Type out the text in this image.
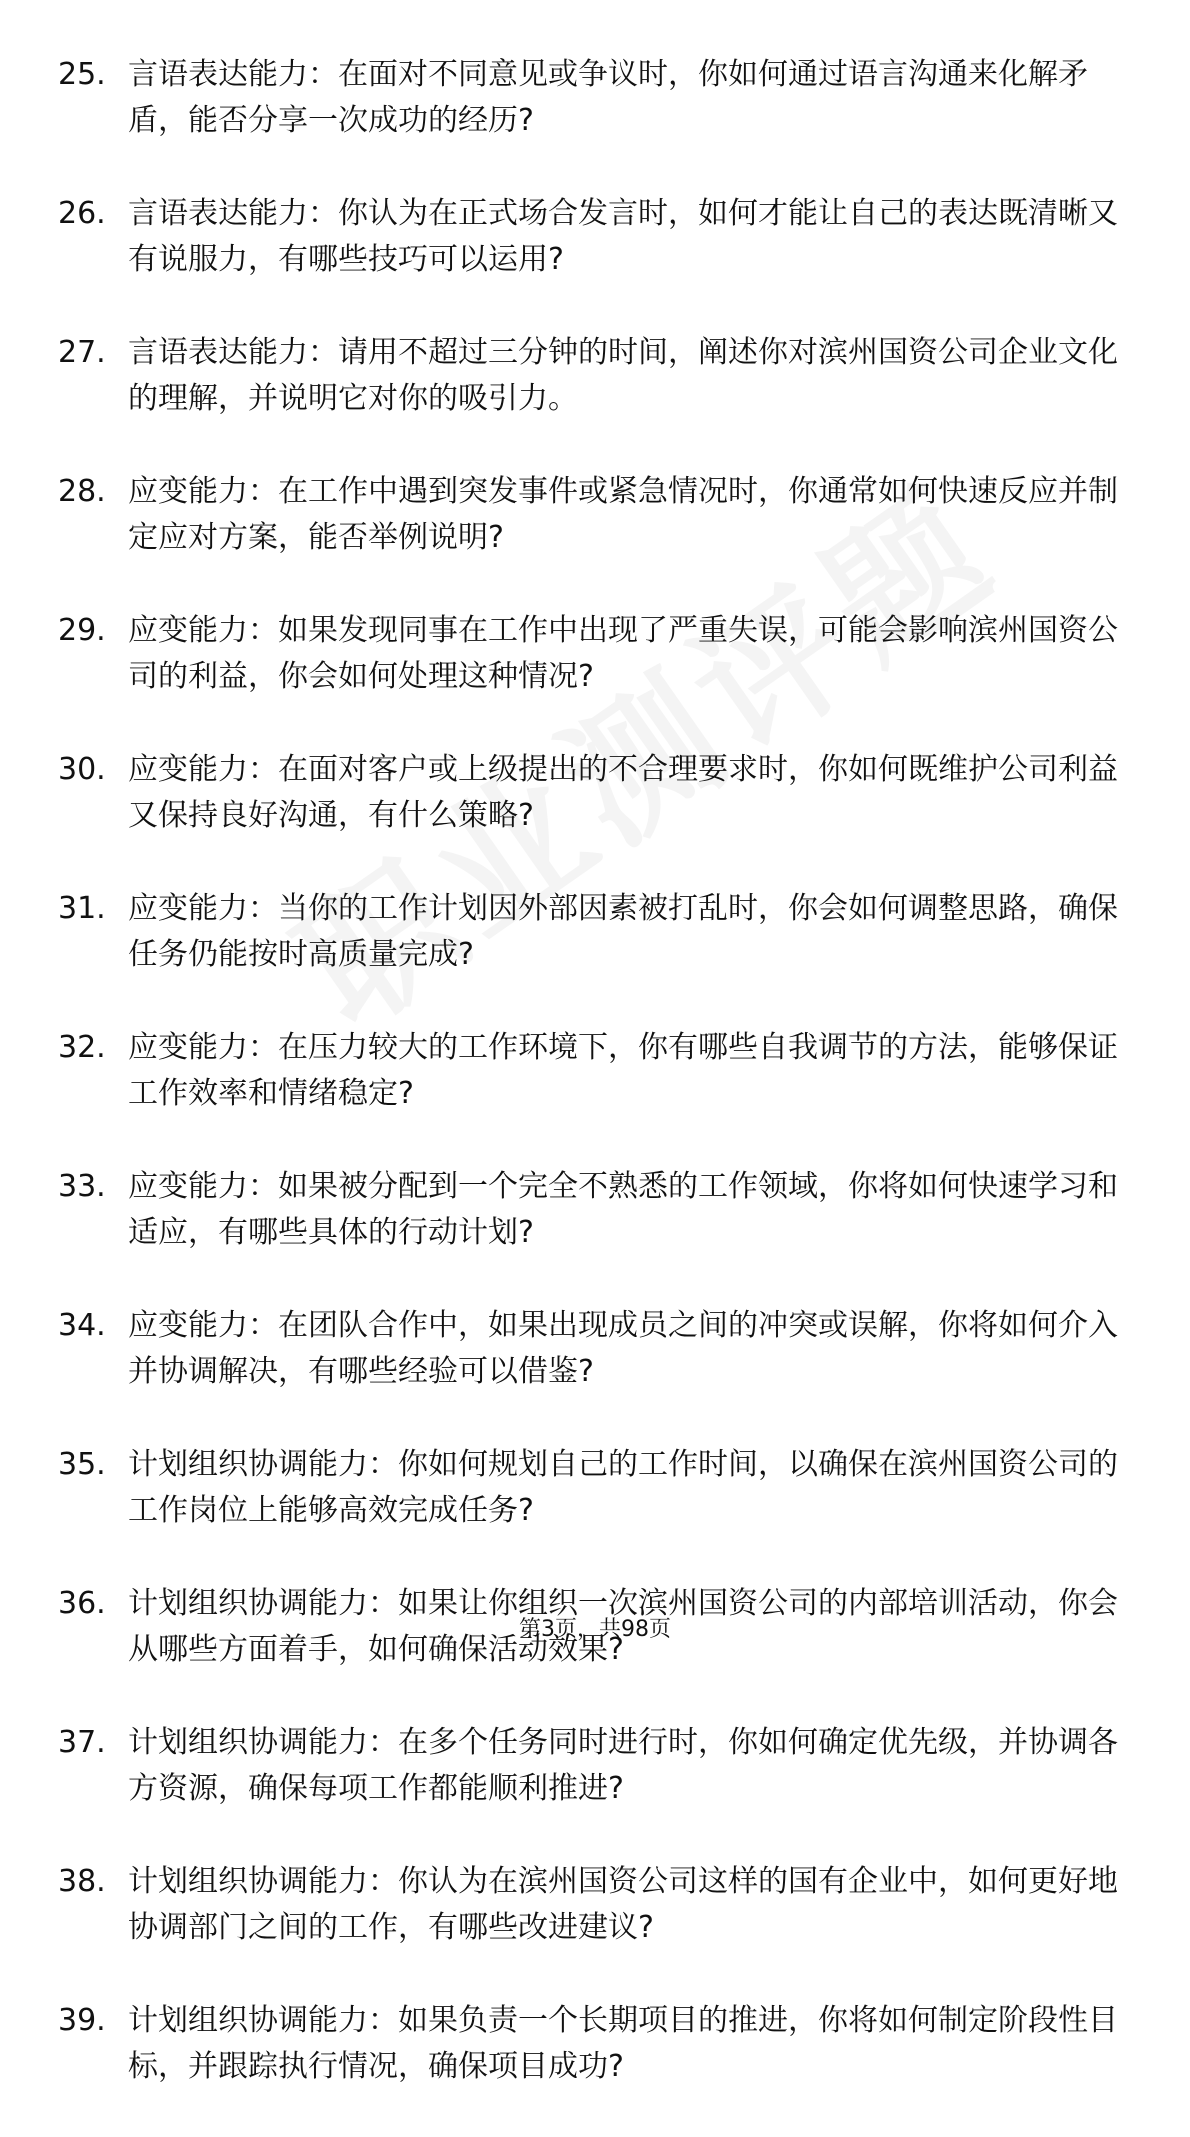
25. 言语表达能力：在面对不同意见或争议时，你如何通过语言沟通来化解矛盾，能否分享一次成功的经历?
26. 言语表达能力：你认为在正式场合发言时，如何才能让自己的表达既清晰又有说服力，有哪些技巧可以运用?
27. 言语表达能力：请用不超过三分钟的时间，阐述你对滨州国资公司企业文化的理解，并说明它对你的吸引力。
28. 应变能力：在工作中遇到突发事件或紧急情况时，你通常如何快速反应并制定应对方案，能否举例说明?
29. 应变能力：如果发现同事在工作中出现了严重失误，可能会影响滨州国资公司的利益，你会如何处理这种情况?
30. 应变能力：在面对客户或上级提出的不合理要求时，你如何既维护公司利益又保持良好沟通，有什么策略?
31. 应变能力：当你的工作计划因外部因素被打乱时，你会如何调整思路，确保任务仍能按时高质量完成?
32. 应变能力：在压力较大的工作环境下，你有哪些自我调节的方法，能够保证工作效率和情绪稳定?
33. 应变能力：如果被分配到一个完全不熟悉的工作领域，你将如何快速学习和适应，有哪些具体的行动计划?
34. 应变能力：在团队合作中，如果出现成员之间的冲突或误解，你将如何介入并协调解决，有哪些经验可以借鉴?
35. 计划组织协调能力：你如何规划自己的工作时间，以确保在滨州国资公司的工作岗位上能够高效完成任务?
36. 计划组织协调能力：如果让你组织一次滨州国资公司的内部培训活动，你会从哪些方面着手，如何确保活动效果?
37. 计划组织协调能力：在多个任务同时进行时，你如何确定优先级，并协调各方资源，确保每项工作都能顺利推进?
38. 计划组织协调能力：你认为在滨州国资公司这样的国有企业中，如何更好地协调部门之间的工作，有哪些改进建议?
39. 计划组织协调能力：如果负责一个长期项目的推进，你将如何制定阶段性目标，并跟踪执行情况，确保项目成功?
第3页，共98页
